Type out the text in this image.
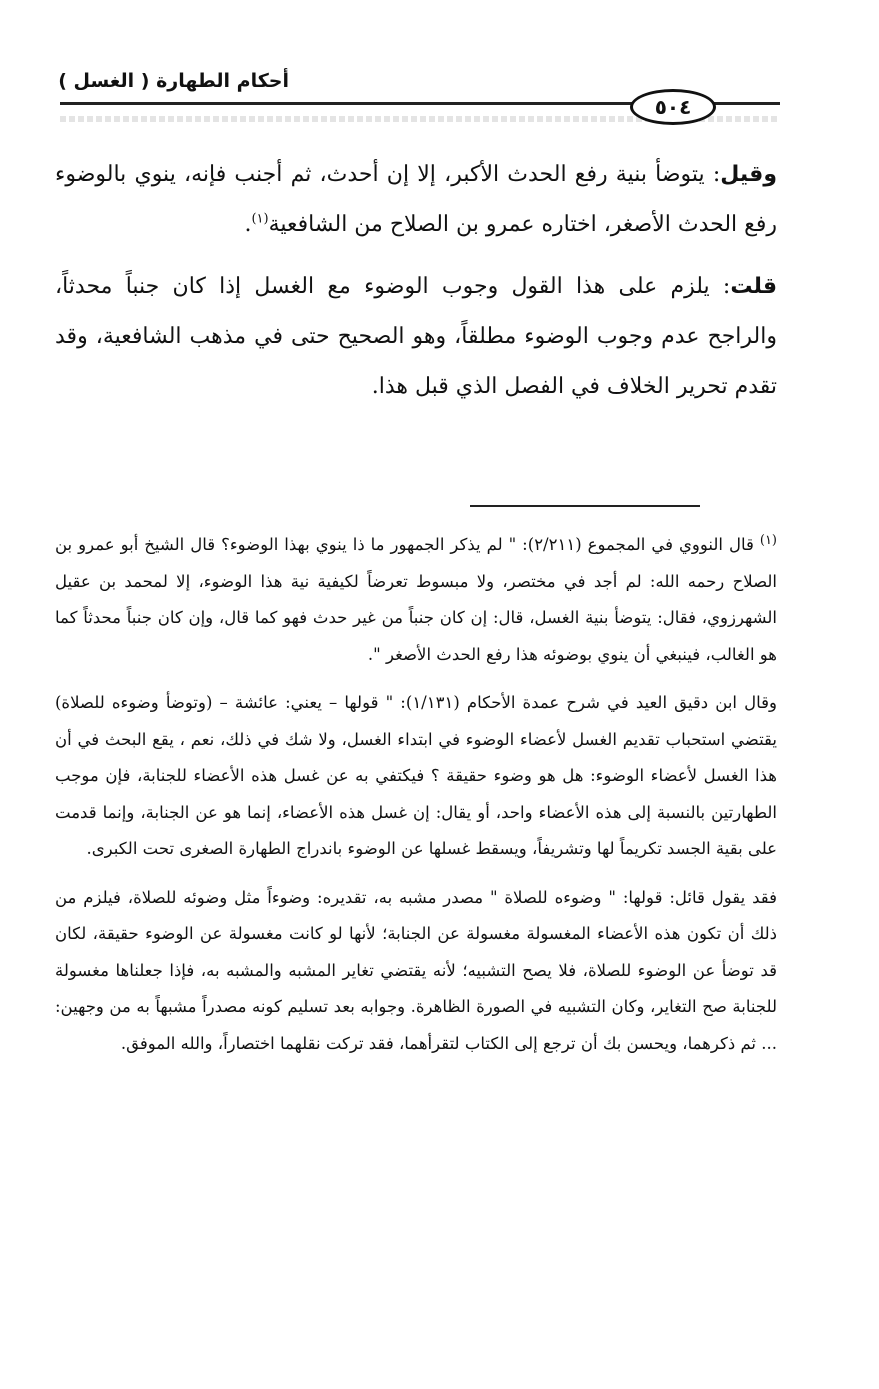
أحكام الطهارة ( الغسل )
٥٠٤

وقيل: يتوضأ بنية رفع الحدث الأكبر، إلا إن أحدث، ثم أجنب فإنه، ينوي بالوضوء رفع الحدث الأصغر، اختاره عمرو بن الصلاح من الشافعية$^{(١)}$.

قلت: يلزم على هذا القول وجوب الوضوء مع الغسل إذا كان جنباً محدثاً، والراجح عدم وجوب الوضوء مطلقاً، وهو الصحيح حتى في مذهب الشافعية، وقد تقدم تحرير الخلاف في الفصل الذي قبل هذا.

$^{(١)}$قال النووي في المجموع (٢/٢١١): " لم يذكر الجمهور ما ذا ينوي بهذا الوضوء؟ قال الشيخ أبو عمرو بن الصلاح رحمه الله: لم أجد في مختصر، ولا مبسوط تعرضاً لكيفية نية هذا الوضوء، إلا لمحمد بن عقيل الشهرزوي، فقال: يتوضأ بنية الغسل، قال: إن كان جنباً من غير حدث فهو كما قال، وإن كان جنباً محدثاً كما هو الغالب، فينبغي أن ينوي بوضوئه هذا رفع الحدث الأصغر ".

وقال ابن دقيق العيد في شرح عمدة الأحكام (١/١٣١): " قولها – يعني: عائشة – (وتوضأ وضوءه للصلاة) يقتضي استحباب تقديم الغسل لأعضاء الوضوء في ابتداء الغسل، ولا شك في ذلك، نعم ، يقع البحث في أن هذا الغسل لأعضاء الوضوء: هل هو وضوء حقيقة ؟ فيكتفي به عن غسل هذه الأعضاء للجنابة، فإن موجب الطهارتين بالنسبة إلى هذه الأعضاء واحد، أو يقال: إن غسل هذه الأعضاء، إنما هو عن الجنابة، وإنما قدمت على بقية الجسد تكريماً لها وتشريفاً، ويسقط غسلها عن الوضوء باندراج الطهارة الصغرى تحت الكبرى.

فقد يقول قائل: قولها: " وضوءه للصلاة " مصدر مشبه به، تقديره: وضوءاً مثل وضوئه للصلاة، فيلزم من ذلك أن تكون هذه الأعضاء المغسولة مغسولة عن الجنابة؛ لأنها لو كانت مغسولة عن الوضوء حقيقة، لكان قد توضأ عن الوضوء للصلاة، فلا يصح التشبيه؛ لأنه يقتضي تغاير المشبه والمشبه به، فإذا جعلناها مغسولة للجنابة صح التغاير، وكان التشبيه في الصورة الظاهرة. وجوابه بعد تسليم كونه مصدراً مشبهاً به من وجهين: ... ثم ذكرهما، ويحسن بك أن ترجع إلى الكتاب لتقرأهما، فقد تركت نقلهما اختصاراً، والله الموفق.
